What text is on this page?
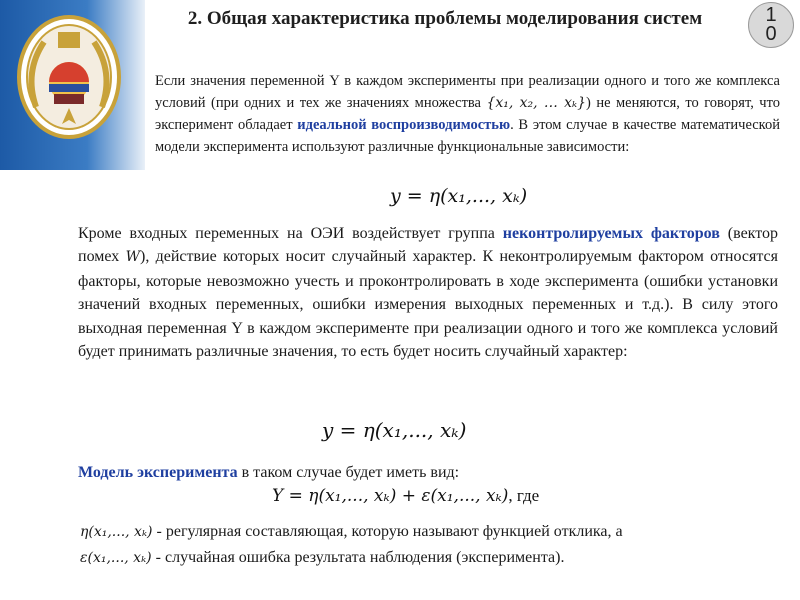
2. Общая характеристика проблемы моделирования систем	1
0
Если значения переменной Y в каждом эксперименты при реализации одного и того же комплекса условий (при одних и тех же значениях множества {x₁, x₂, … xₖ}) не меняются, то говорят, что эксперимент обладает идеальной воспроизводимостью. В этом случае в качестве математической модели эксперимента используют различные функциональные зависимости:
y = η(x₁,..., xₖ)
Кроме входных переменных на ОЭИ воздействует группа неконтролируемых факторов (вектор помех W), действие которых носит случайный характер. К неконтролируемым фактором относятся факторы, которые невозможно учесть и проконтролировать в ходе эксперимента (ошибки установки значений входных переменных, ошибки измерения выходных переменных и т.д.). В силу этого выходная переменная Y в каждом эксперименте при реализации одного и того же комплекса условий будет принимать различные значения, то есть будет носить случайный характер:
y = η(x₁,..., xₖ)
Модель эксперимента в таком случае будет иметь вид:
Y = η(x₁,..., xₖ) + ε(x₁,..., xₖ), где
η(x₁,..., xₖ) - регулярная составляющая, которую называют функцией отклика, а
ε(x₁,..., xₖ) - случайная ошибка результата наблюдения (эксперимента).
